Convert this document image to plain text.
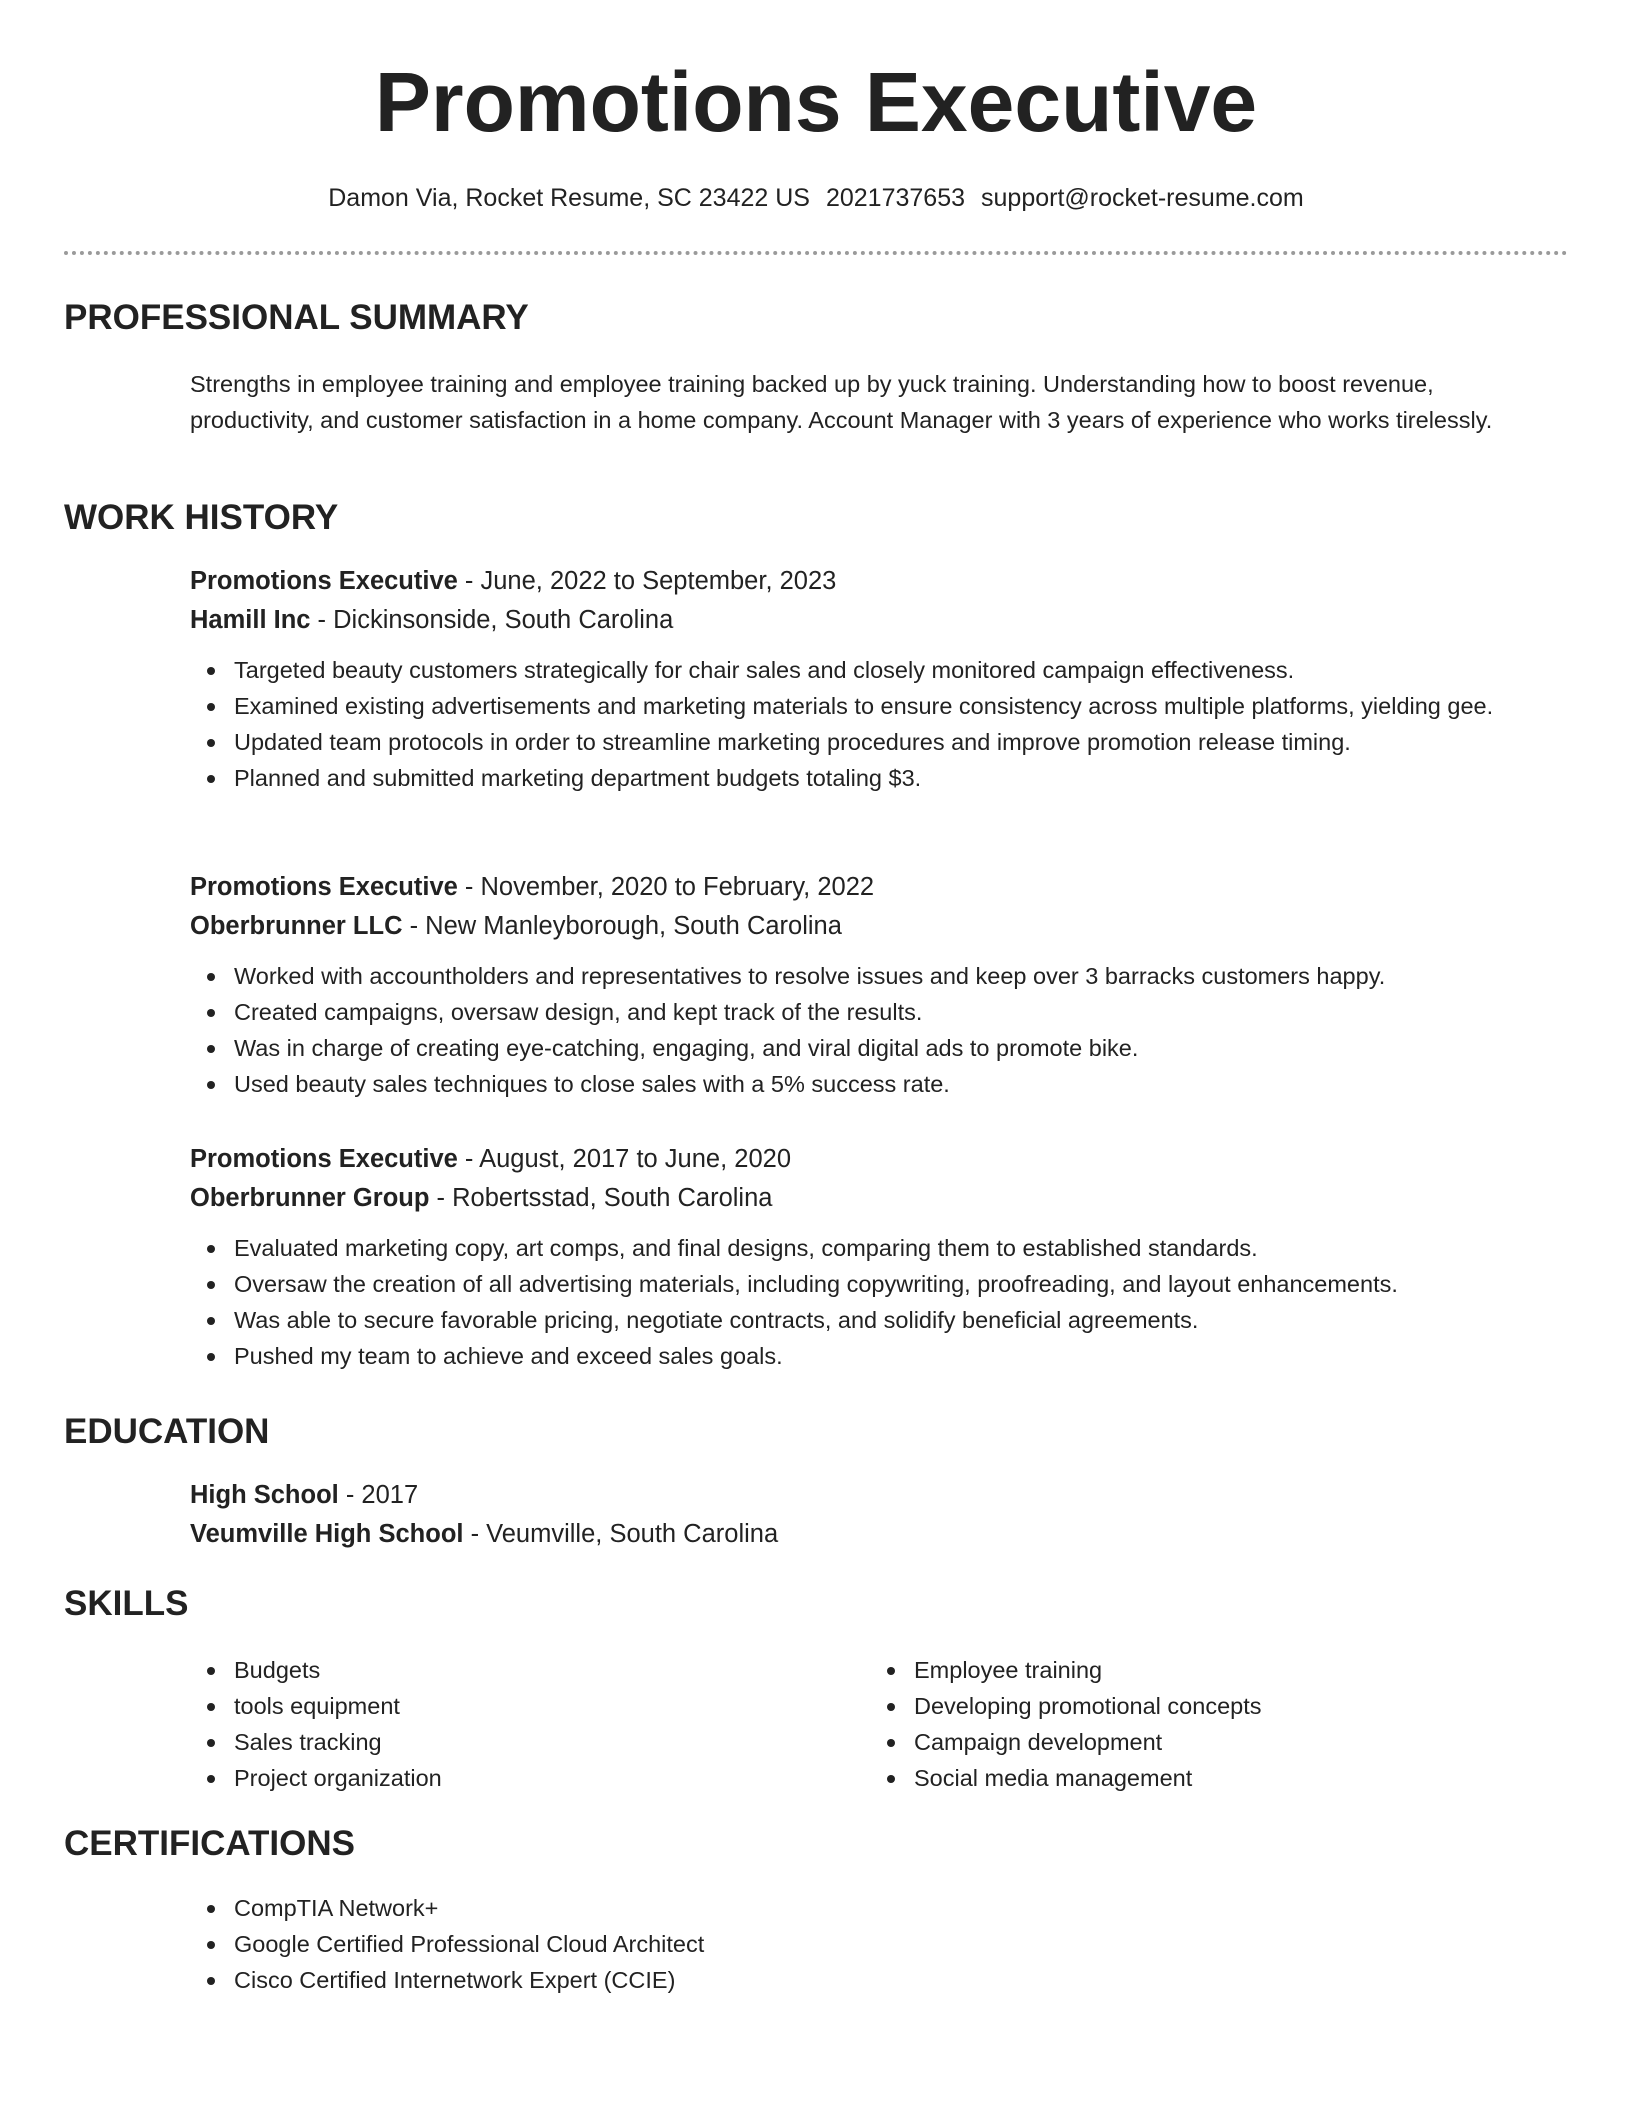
Promotions Executive
Damon Via, Rocket Resume, SC 23422 US 2021737653 support@rocket-resume.com
PROFESSIONAL SUMMARY
Strengths in employee training and employee training backed up by yuck training. Understanding how to boost revenue, productivity, and customer satisfaction in a home company. Account Manager with 3 years of experience who works tirelessly.
WORK HISTORY
Promotions Executive - June, 2022 to September, 2023
Hamill Inc - Dickinsonside, South Carolina
Targeted beauty customers strategically for chair sales and closely monitored campaign effectiveness.
Examined existing advertisements and marketing materials to ensure consistency across multiple platforms, yielding gee.
Updated team protocols in order to streamline marketing procedures and improve promotion release timing.
Planned and submitted marketing department budgets totaling $3.
Promotions Executive - November, 2020 to February, 2022
Oberbrunner LLC - New Manleyborough, South Carolina
Worked with accountholders and representatives to resolve issues and keep over 3 barracks customers happy.
Created campaigns, oversaw design, and kept track of the results.
Was in charge of creating eye-catching, engaging, and viral digital ads to promote bike.
Used beauty sales techniques to close sales with a 5% success rate.
Promotions Executive - August, 2017 to June, 2020
Oberbrunner Group - Robertsstad, South Carolina
Evaluated marketing copy, art comps, and final designs, comparing them to established standards.
Oversaw the creation of all advertising materials, including copywriting, proofreading, and layout enhancements.
Was able to secure favorable pricing, negotiate contracts, and solidify beneficial agreements.
Pushed my team to achieve and exceed sales goals.
EDUCATION
High School - 2017
Veumville High School - Veumville, South Carolina
SKILLS
Budgets
tools equipment
Sales tracking
Project organization
Employee training
Developing promotional concepts
Campaign development
Social media management
CERTIFICATIONS
CompTIA Network+
Google Certified Professional Cloud Architect
Cisco Certified Internetwork Expert (CCIE)
